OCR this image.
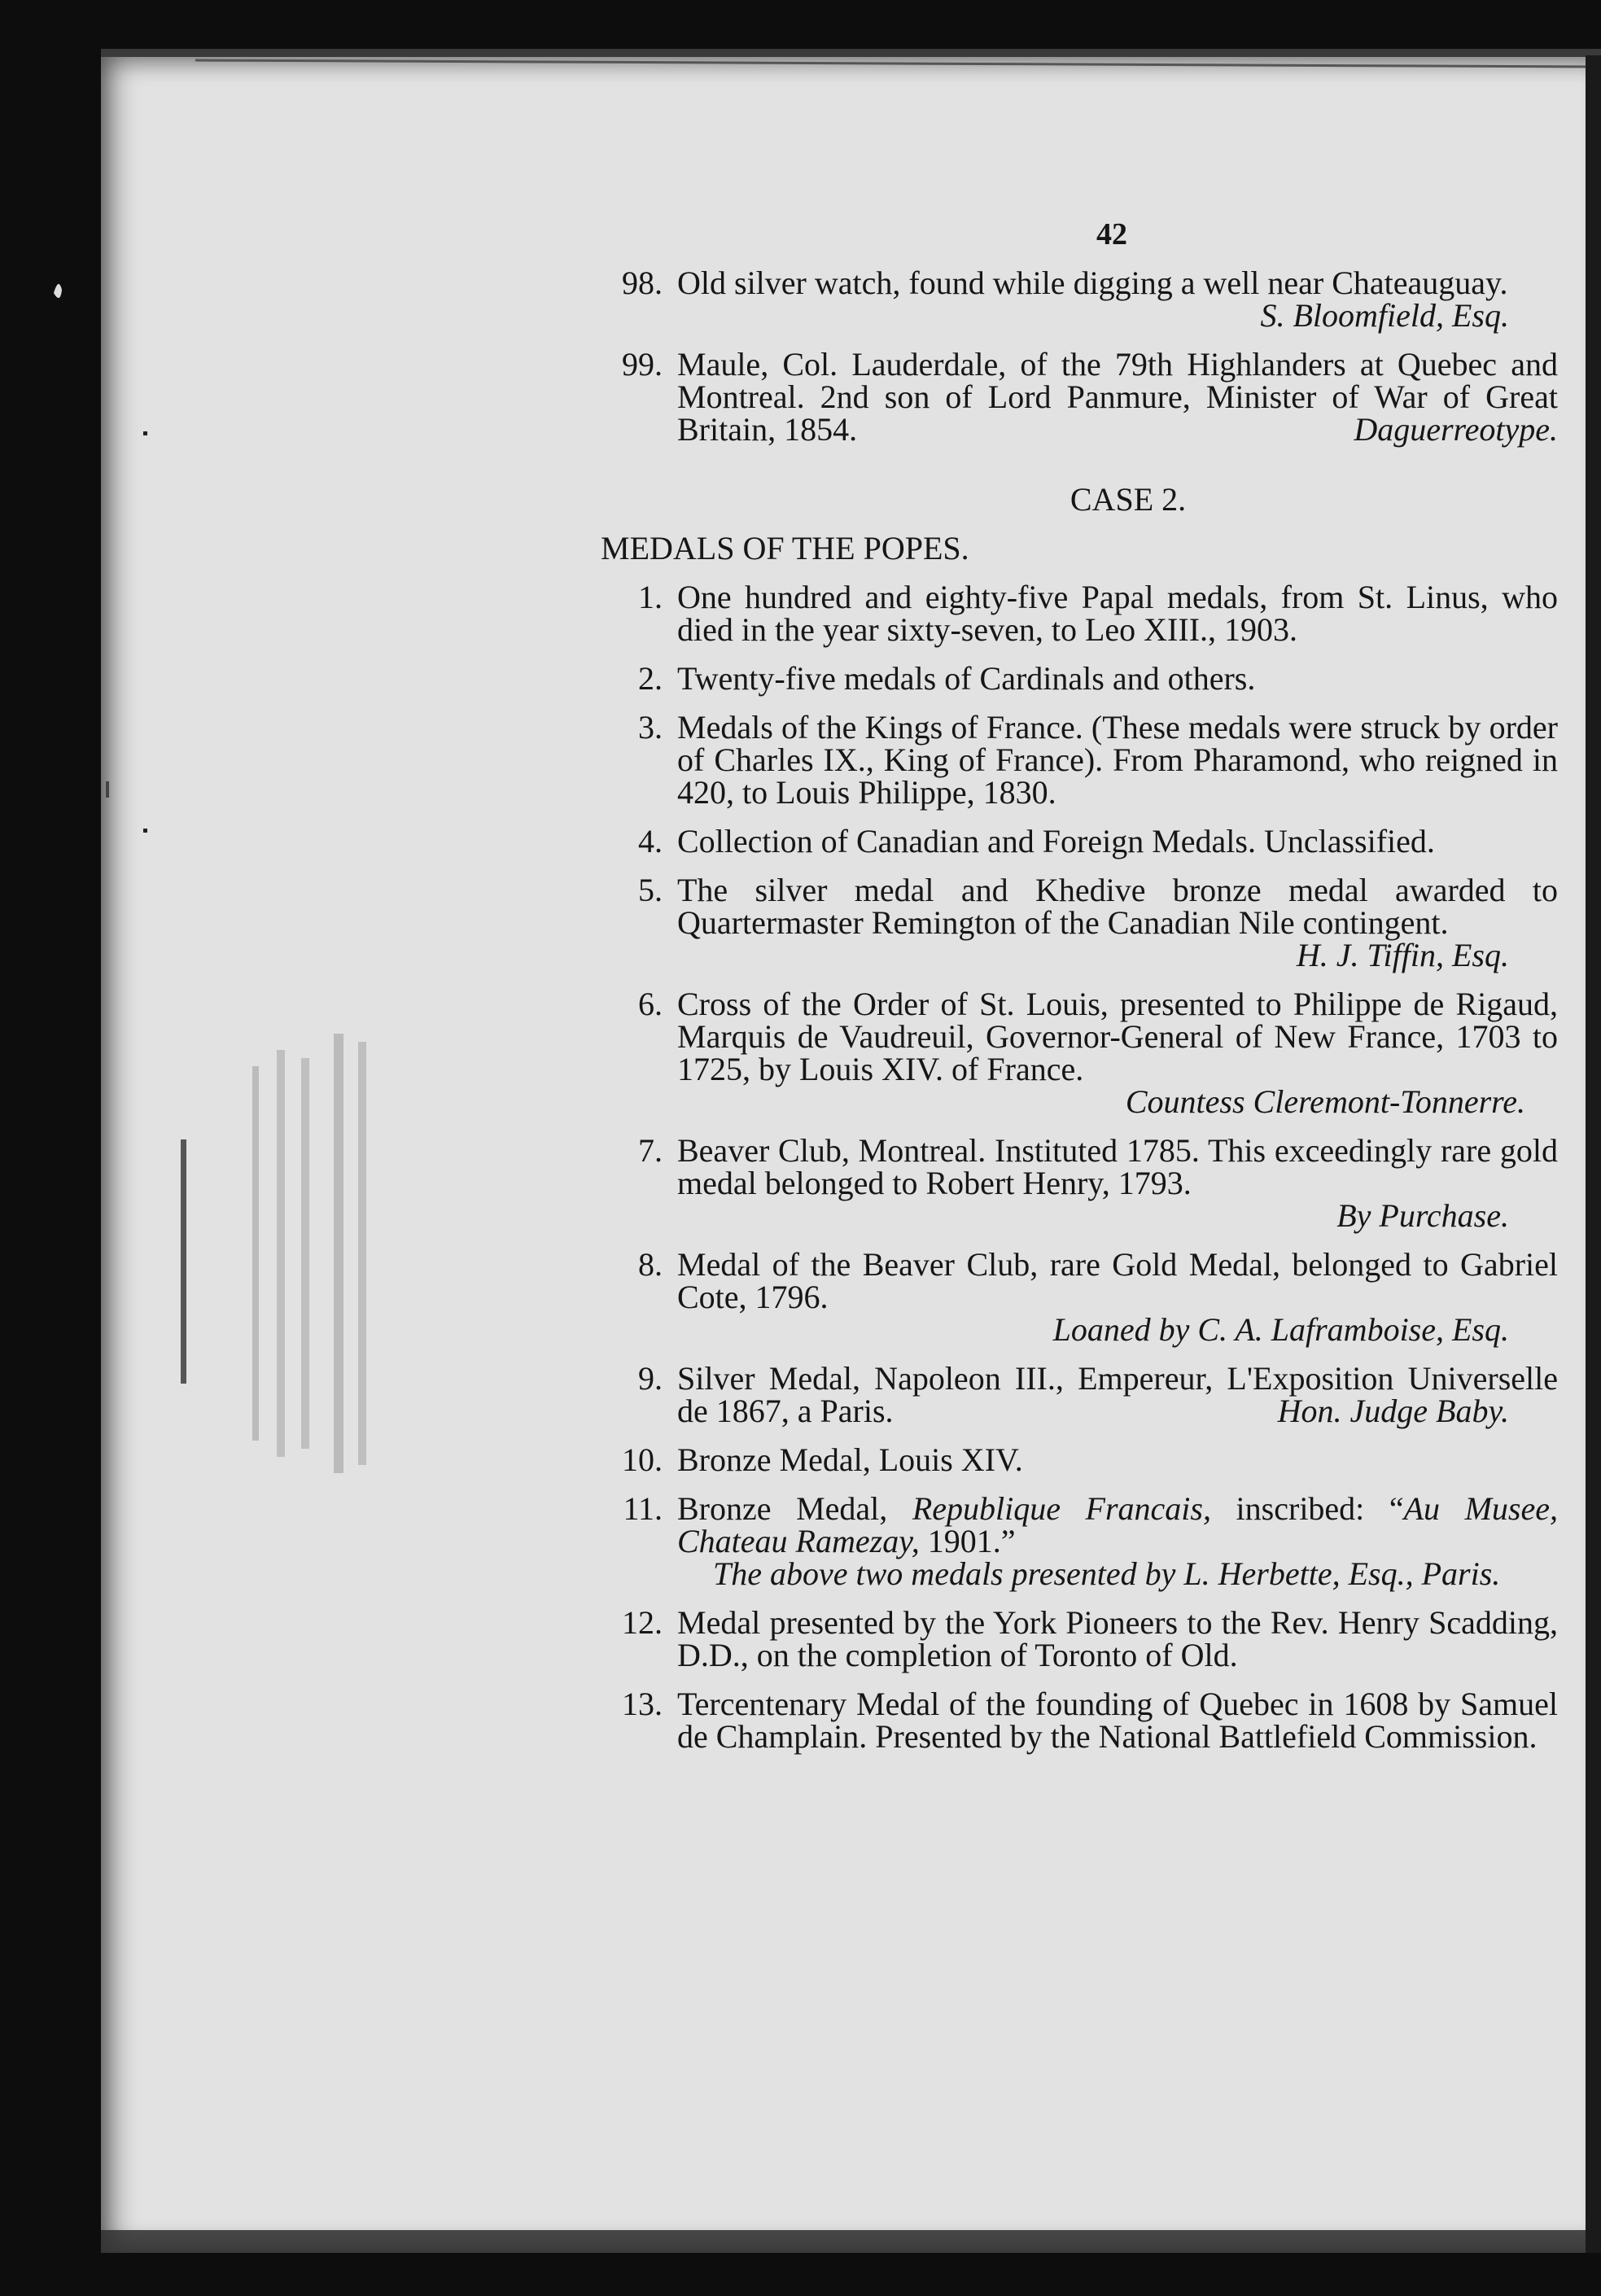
42
98. Old silver watch, found while digging a well near Chateauguay.
S. Bloomfield, Esq.
99. Maule, Col. Lauderdale, of the 79th Highlanders at Quebec and Montreal. 2nd son of Lord Panmure, Minister of War of Great Britain, 1854.	Daguerreotype.
CASE 2.
MEDALS OF THE POPES.
1. One hundred and eighty-five Papal medals, from St. Linus, who died in the year sixty-seven, to Leo XIII., 1903.
2. Twenty-five medals of Cardinals and others.
3. Medals of the Kings of France. (These medals were struck by order of Charles IX., King of France). From Pharamond, who reigned in 420, to Louis Philippe, 1830.
4. Collection of Canadian and Foreign Medals. Unclassified.
5. The silver medal and Khedive bronze medal awarded to Quartermaster Remington of the Canadian Nile contingent.
H. J. Tiffin, Esq.
6. Cross of the Order of St. Louis, presented to Philippe de Rigaud, Marquis de Vaudreuil, Governor-General of New France, 1703 to 1725, by Louis XIV. of France.
Countess Cleremont-Tonnerre.
7. Beaver Club, Montreal. Instituted 1785. This exceedingly rare gold medal belonged to Robert Henry, 1793.
By Purchase.
8. Medal of the Beaver Club, rare Gold Medal, belonged to Gabriel Cote, 1796.
Loaned by C. A. Laframboise, Esq.
9. Silver Medal, Napoleon III., Empereur, L'Exposition Universelle de 1867, a Paris.	Hon. Judge Baby.
10. Bronze Medal, Louis XIV.
11. Bronze Medal, Republique Francais, inscribed: “Au Musee, Chateau Ramezay, 1901.”
The above two medals presented by L. Herbette, Esq., Paris.
12. Medal presented by the York Pioneers to the Rev. Henry Scadding, D.D., on the completion of Toronto of Old.
13. Tercentenary Medal of the founding of Quebec in 1608 by Samuel de Champlain. Presented by the National Battlefield Commission.
